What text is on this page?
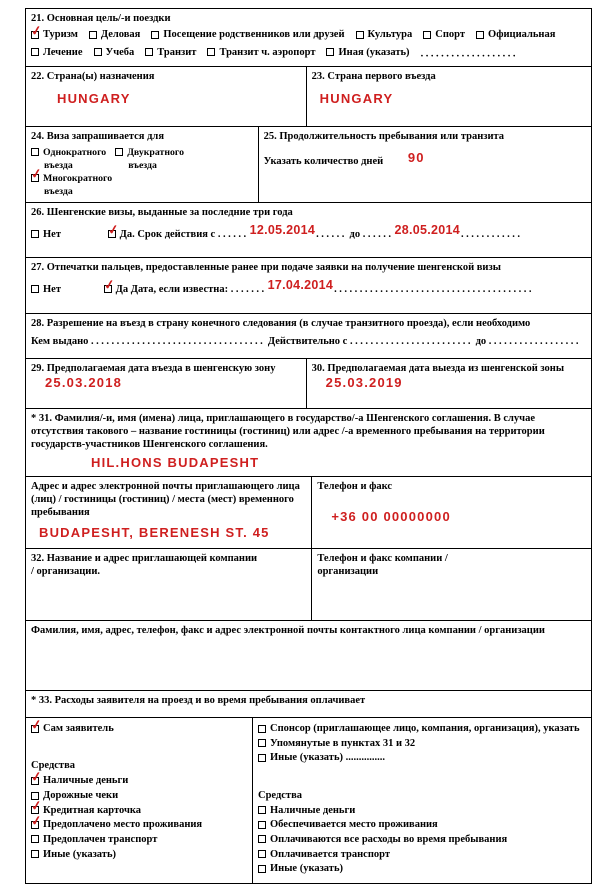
21. Основная цель/-и поездки
✓ Туризм Деловая Посещение родственников или друзей Культура Спорт Официальная
Лечение Учеба Транзит Транзит ч. аэропорт Иная (указать) ...................
22. Страна(ы) назначения
HUNGARY
23. Страна первого въезда
HUNGARY
24. Виза запрашивается для
Однократного
въезда
Двукратного
въезда
✓ Многократного
въезда
25. Продолжительность пребывания или транзита
Указать количество дней 90
26. Шенгенские визы, выданные за последние три года
Нет	✓ Да. Срок действия с ......12.05.2014...... до ......28.05.2014............
27. Отпечатки пальцев, предоставленные ранее при подаче заявки на получение шенгенской визы
Нет	✓ Да Дата, если известна: .......17.04.2014.......................................
28. Разрешение на въезд в страну конечного следования (в случае транзитного проезда), если необходимо
Кем выдано .................................. Действительно с ........................ до ..................
29. Предполагаемая дата въезда в шенгенскую зону 25.03.2018
30. Предполагаемая дата выезда из шенгенской зоны 25.03.2019
* 31. Фамилия/-и, имя (имена) лица, приглашающего в государство/-а Шенгенского соглашения. В случае отсутствия такового – название гостиницы (гостиниц) или адрес /-а временного пребывания на территории государств-участников Шенгенского соглашения.
HIL.HONS BUDAPESHT
Адрес и адрес электронной почты приглашающего лица (лиц) / гостиницы (гостиниц) / места (мест) временного пребывания
BUDAPESHT, BERENESH ST. 45
Телефон и факс
+36 00 00000000
32. Название и адрес приглашающей компании / организации.
Телефон и факс компании / организации
Фамилия, имя, адрес, телефон, факс и адрес электронной почты контактного лица компании / организации
* 33. Расходы заявителя на проезд и во время пребывания оплачивает
✓ Сам заявитель
Средства
✓ Наличные деньги
Дорожные чеки
✓ Кредитная карточка
✓ Предоплачено место проживания
Предоплачен транспорт
Иные (указать)
Спонсор (приглашающее лицо, компания, организация), указать
Упомянутые в пунктах 31 и 32
Иные (указать) ...............
Средства
Наличные деньги
Обеспечивается место проживания
Оплачиваются все расходы во время пребывания
Оплачивается транспорт
Иные (указать)
